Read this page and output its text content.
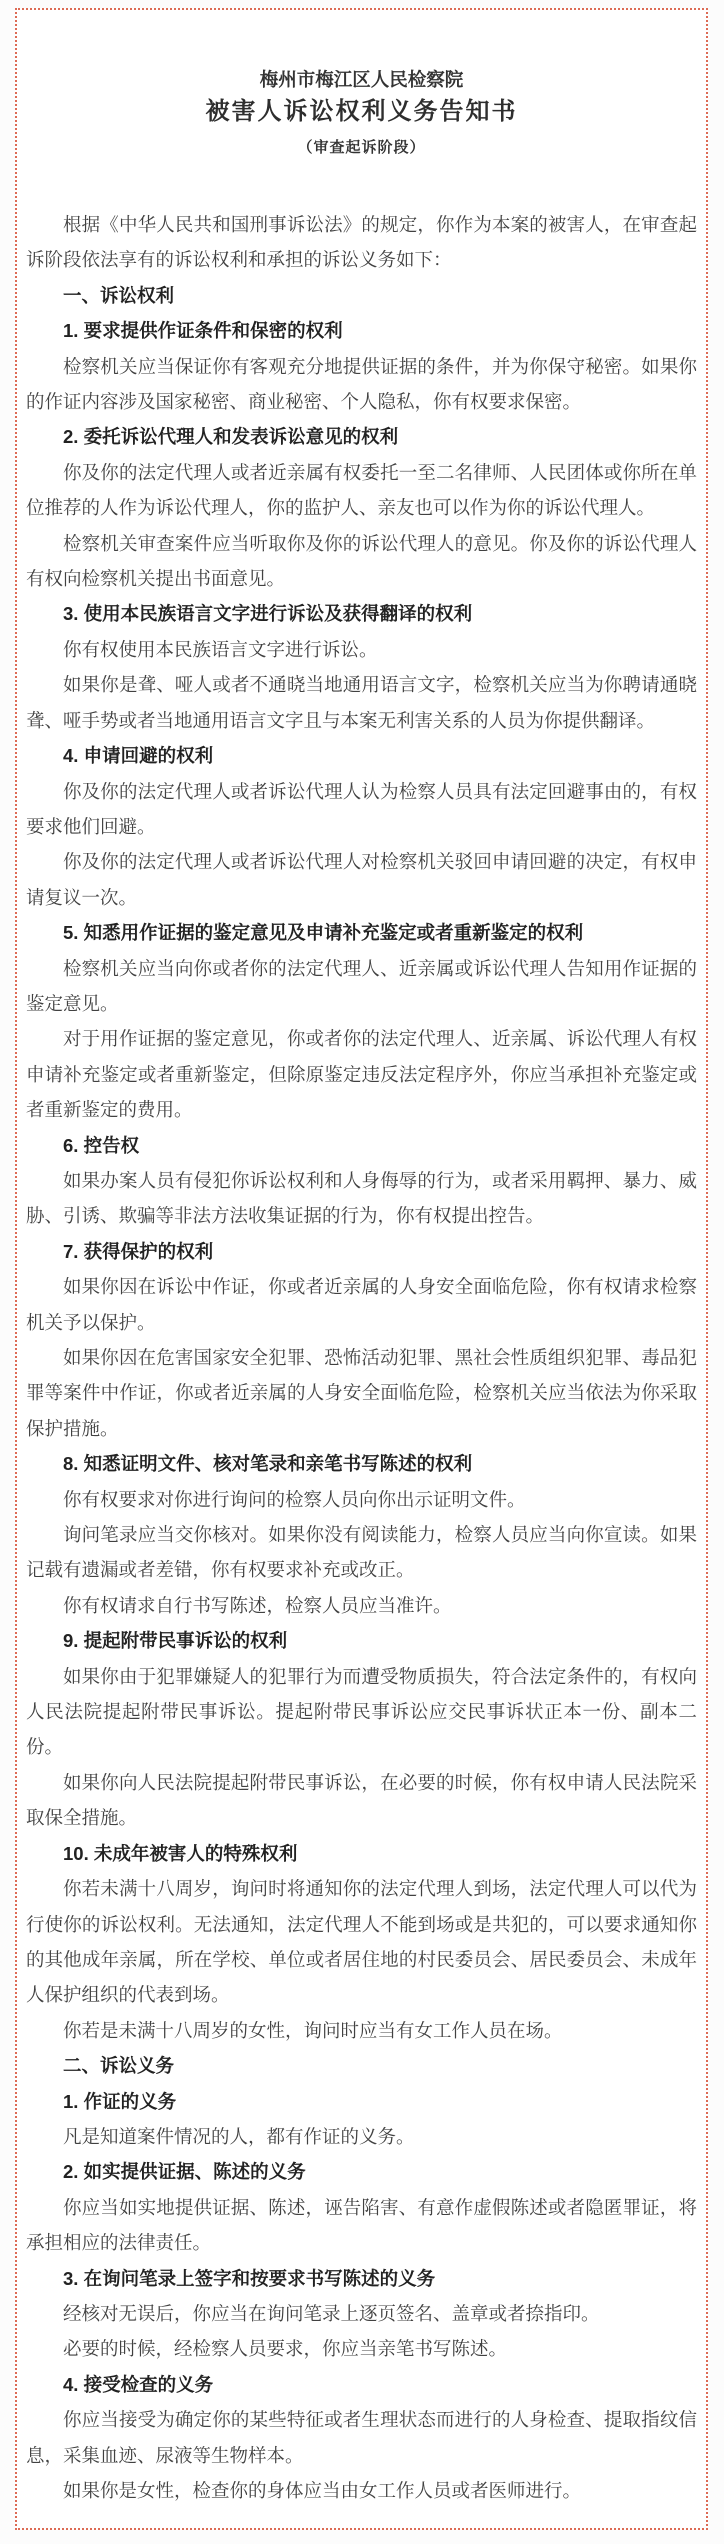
梅州市梅江区人民检察院
被害人诉讼权利义务告知书
（审查起诉阶段）

根据《中华人民共和国刑事诉讼法》的规定，你作为本案的被害人，在审查起诉阶段依法享有的诉讼权利和承担的诉讼义务如下：

一、诉讼权利

1. 要求提供作证条件和保密的权利

检察机关应当保证你有客观充分地提供证据的条件，并为你保守秘密。如果你的作证内容涉及国家秘密、商业秘密、个人隐私，你有权要求保密。

2. 委托诉讼代理人和发表诉讼意见的权利

你及你的法定代理人或者近亲属有权委托一至二名律师、人民团体或你所在单位推荐的人作为诉讼代理人，你的监护人、亲友也可以作为你的诉讼代理人。

检察机关审查案件应当听取你及你的诉讼代理人的意见。你及你的诉讼代理人有权向检察机关提出书面意见。

3. 使用本民族语言文字进行诉讼及获得翻译的权利

你有权使用本民族语言文字进行诉讼。

如果你是聋、哑人或者不通晓当地通用语言文字，检察机关应当为你聘请通晓聋、哑手势或者当地通用语言文字且与本案无利害关系的人员为你提供翻译。

4. 申请回避的权利

你及你的法定代理人或者诉讼代理人认为检察人员具有法定回避事由的，有权要求他们回避。

你及你的法定代理人或者诉讼代理人对检察机关驳回申请回避的决定，有权申请复议一次。

5. 知悉用作证据的鉴定意见及申请补充鉴定或者重新鉴定的权利

检察机关应当向你或者你的法定代理人、近亲属或诉讼代理人告知用作证据的鉴定意见。

对于用作证据的鉴定意见，你或者你的法定代理人、近亲属、诉讼代理人有权申请补充鉴定或者重新鉴定，但除原鉴定违反法定程序外，你应当承担补充鉴定或者重新鉴定的费用。

6. 控告权

如果办案人员有侵犯你诉讼权利和人身侮辱的行为，或者采用羁押、暴力、威胁、引诱、欺骗等非法方法收集证据的行为，你有权提出控告。

7. 获得保护的权利

如果你因在诉讼中作证，你或者近亲属的人身安全面临危险，你有权请求检察机关予以保护。

如果你因在危害国家安全犯罪、恐怖活动犯罪、黑社会性质组织犯罪、毒品犯罪等案件中作证，你或者近亲属的人身安全面临危险，检察机关应当依法为你采取保护措施。

8. 知悉证明文件、核对笔录和亲笔书写陈述的权利

你有权要求对你进行询问的检察人员向你出示证明文件。

询问笔录应当交你核对。如果你没有阅读能力，检察人员应当向你宣读。如果记载有遗漏或者差错，你有权要求补充或改正。

你有权请求自行书写陈述，检察人员应当准许。

9. 提起附带民事诉讼的权利

如果你由于犯罪嫌疑人的犯罪行为而遭受物质损失，符合法定条件的，有权向人民法院提起附带民事诉讼。提起附带民事诉讼应交民事诉状正本一份、副本二份。

如果你向人民法院提起附带民事诉讼，在必要的时候，你有权申请人民法院采取保全措施。

10. 未成年被害人的特殊权利

你若未满十八周岁，询问时将通知你的法定代理人到场，法定代理人可以代为行使你的诉讼权利。无法通知，法定代理人不能到场或是共犯的，可以要求通知你的其他成年亲属，所在学校、单位或者居住地的村民委员会、居民委员会、未成年人保护组织的代表到场。

你若是未满十八周岁的女性，询问时应当有女工作人员在场。

二、诉讼义务

1. 作证的义务

凡是知道案件情况的人，都有作证的义务。

2. 如实提供证据、陈述的义务

你应当如实地提供证据、陈述，诬告陷害、有意作虚假陈述或者隐匿罪证，将承担相应的法律责任。

3. 在询问笔录上签字和按要求书写陈述的义务

经核对无误后，你应当在询问笔录上逐页签名、盖章或者捺指印。

必要的时候，经检察人员要求，你应当亲笔书写陈述。

4. 接受检查的义务

你应当接受为确定你的某些特征或者生理状态而进行的人身检查、提取指纹信息，采集血迹、尿液等生物样本。

如果你是女性，检查你的身体应当由女工作人员或者医师进行。
